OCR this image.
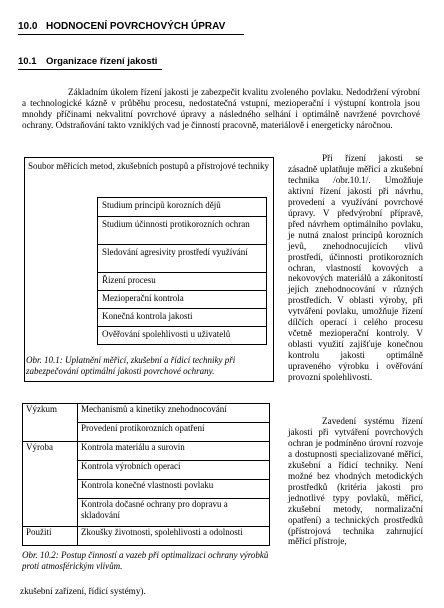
10.0 HODNOCENÍ POVRCHOVÝCH ÚPRAV
10.1 Organizace řízení jakosti
Základním úkolem řízení jakosti je zabezpečit kvalitu zvoleného povlaku. Nedodržení výrobní a technologické kázně v průběhu procesu, nedostatečná vstupní, mezioperační i výstupní kontrola jsou mnohdy příčinami nekvalitní povrchové úpravy a následného selhání i optimálně navržené povrchové ochrany. Odstraňování takto vzniklých vad je činností pracovně, materiálově i energeticky náročnou.
Soubor měřicích metod, zkušebních postupů a přístrojové techniky
Studium principů korozních dějů
Studium účinnosti protikorozních ochran
Sledování agresivity prostředí využívání
Řízení procesu
Mezioperační kontrola
Konečná kontrola jakosti
Ověřování spolehlivosti u uživatelů
Obr. 10.1: Uplatnění měřicí, zkušební a řídicí techniky při zabezpečování optimální jakosti povrchové ochrany.
Výzkum	Mechanismů a kinetiky znehodnocování
	Provedení protikorozních opatření
Výroba	Kontrola materiálu a surovin
	Kontrola výrobních operací
	Kontrola konečné vlastnosti povlaku
	Kontrola dočasné ochrany pro dopravu a skladování
Použití	Zkoušky životnosti, spolehlivosti a odolnosti
Obr. 10.2: Postup činností a vazeb při optimalizaci ochrany výrobků proti atmosférickým vlivům.
Při řízení jakosti se zásadně uplatňuje měřicí a zkušební technika /obr.10.1/. Umožňuje aktivní řízení jakosti při návrhu, provedení a využívání povrchové úpravy. V předvýrobní přípravě, před návrhem optimálního povlaku, je nutná znalost principů korozních jevů, znehodnocujících vlivů prostředí, účinnosti protikorozních ochran, vlastností kovových a nekovových materiálů a zákonitostí jejich znehodnocování v různých prostředích. V oblasti výroby, při vytváření povlaku, umožňuje řízení dílčích operací i celého procesu včetně mezioperační kontroly. V oblasti využití zajišťuje konečnou kontrolu jakosti optimálně upraveného výrobku i ověřování provozní spolehlivosti.
Zavedení systému řízení jakosti při vytváření povrchových ochran je podmíněno úrovní rozvoje a dostupnosti specializované měřicí, zkušební a řídicí techniky. Není možné bez vhodných metodických prostředků (kritéria jakosti pro jednotlivé typy povlaků, měřicí, zkušební metody, normalizační opatření) a technických prostředků (přístrojová technika zahrnující měřicí přístroje,
zkušební zařízení, řídicí systémy).
